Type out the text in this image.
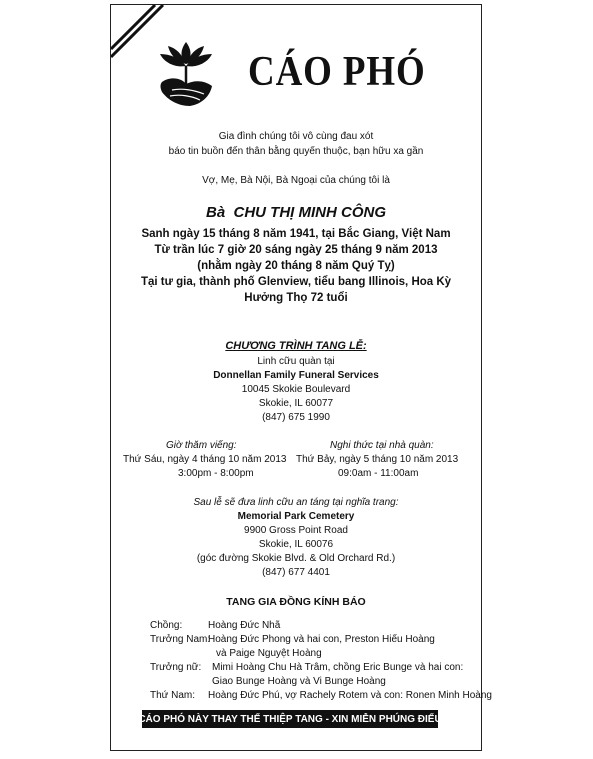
CÁO PHÓ
Gia đình chúng tôi vô cùng đau xót
báo tin buồn đến thân bằng quyến thuộc, bạn hữu xa gần
Vợ, Mẹ, Bà Nội, Bà Ngoại của chúng tôi là
Bà CHU THỊ MINH CÔNG
Sanh ngày 15 tháng 8 năm 1941, tại Bắc Giang, Việt Nam
Từ trần lúc 7 giờ 20 sáng ngày 25 tháng 9 năm 2013
(nhằm ngày 20 tháng 8 năm Quý Tỵ)
Tại tư gia, thành phố Glenview, tiểu bang Illinois, Hoa Kỳ
Hưởng Thọ 72 tuổi
CHƯƠNG TRÌNH TANG LỄ:
Linh cữu quàn tại
Donnellan Family Funeral Services
10045 Skokie Boulevard
Skokie, IL 60077
(847) 675 1990
Giờ thăm viếng:
Thứ Sáu, ngày 4 tháng 10 năm 2013
3:00pm - 8:00pm
Nghi thức tại nhà quàn:
Thứ Bảy, ngày 5 tháng 10 năm 2013
09:0am - 11:00am
Sau lễ sẽ đưa linh cữu an táng tại nghĩa trang:
Memorial Park Cemetery
9900 Gross Point Road
Skokie, IL 60076
(góc đường Skokie Blvd. & Old Orchard Rd.)
(847) 677 4401
TANG GIA ĐỒNG KÍNH BÁO
Chồng:	Hoàng Đức Nhã
Trưởng Nam:
Hoàng Đức Phong và hai con, Preston Hiếu Hoàng
và Paige Nguyệt Hoàng
Trưởng nữ: Mimi Hoàng Chu Hà Trâm, chồng Eric Bunge và hai con:
Giao Bunge Hoàng và Vi Bunge Hoàng
Thứ Nam: Hoàng Đức Phú, vợ Rachely Rotem và con: Ronen Minh Hoàng
CÁO PHÓ NÀY THAY THẾ THIỆP TANG - XIN MIỄN PHÚNG ĐIẾU
